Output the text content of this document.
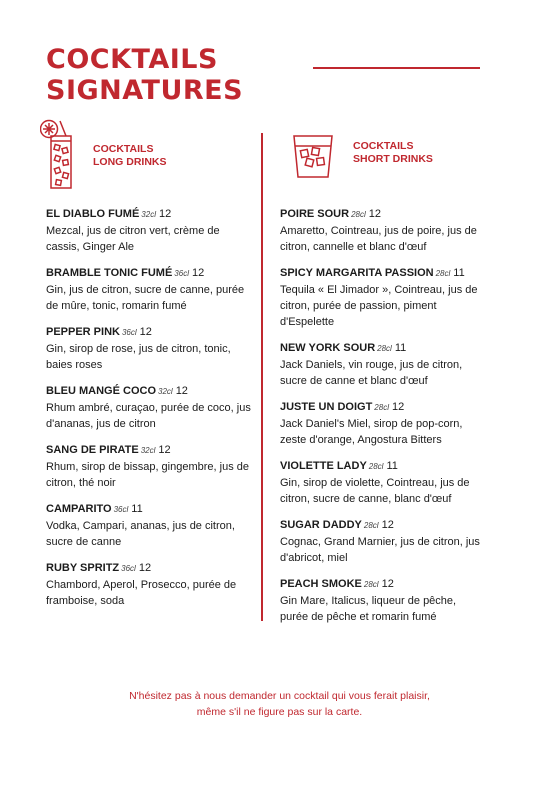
COCKTAILS
SIGNATURES
COCKTAILS
LONG DRINKS
EL DIABLO FUMÉ 32cl 12

Mezcal, jus de citron vert, crème de cassis, Ginger Ale

BRAMBLE TONIC FUMÉ 36cl 12

Gin, jus de citron, sucre de canne, purée de mûre, tonic, romarin fumé

PEPPER PINK 36cl 12

Gin, sirop de rose, jus de citron, tonic, baies roses

BLEU MANGÉ COCO 32cl 12

Rhum ambré, curaçao, purée de coco, jus d'ananas, jus de citron

SANG DE PIRATE 32cl 12

Rhum, sirop de bissap, gingembre, jus de citron, thé noir

CAMPARITO 36cl 11

Vodka, Campari, ananas, jus de citron, sucre de canne

RUBY SPRITZ 36cl 12

Chambord, Aperol, Prosecco, purée de framboise, soda

COCKTAILS
SHORT DRINKS
POIRE SOUR 28cl 12

Amaretto, Cointreau, jus de poire, jus de citron, cannelle et blanc d'œuf

SPICY MARGARITA PASSION 28cl 11

Tequila « El Jimador », Cointreau, jus de citron, purée de passion, piment d'Espelette

NEW YORK SOUR 28cl 11

Jack Daniels, vin rouge, jus de citron, sucre de canne et blanc d'œuf

JUSTE UN DOIGT 28cl 12

Jack Daniel's Miel, sirop de pop-corn, zeste d'orange, Angostura Bitters

VIOLETTE LADY 28cl 11

Gin, sirop de violette, Cointreau, jus de citron, sucre de canne, blanc d'œuf

SUGAR DADDY 28cl 12

Cognac, Grand Marnier, jus de citron, jus d'abricot, miel

PEACH SMOKE 28cl 12

Gin Mare, Italicus, liqueur de pêche, purée de pêche et romarin fumé

N'hésitez pas à nous demander un cocktail qui vous ferait plaisir,
même s'il ne figure pas sur la carte.
